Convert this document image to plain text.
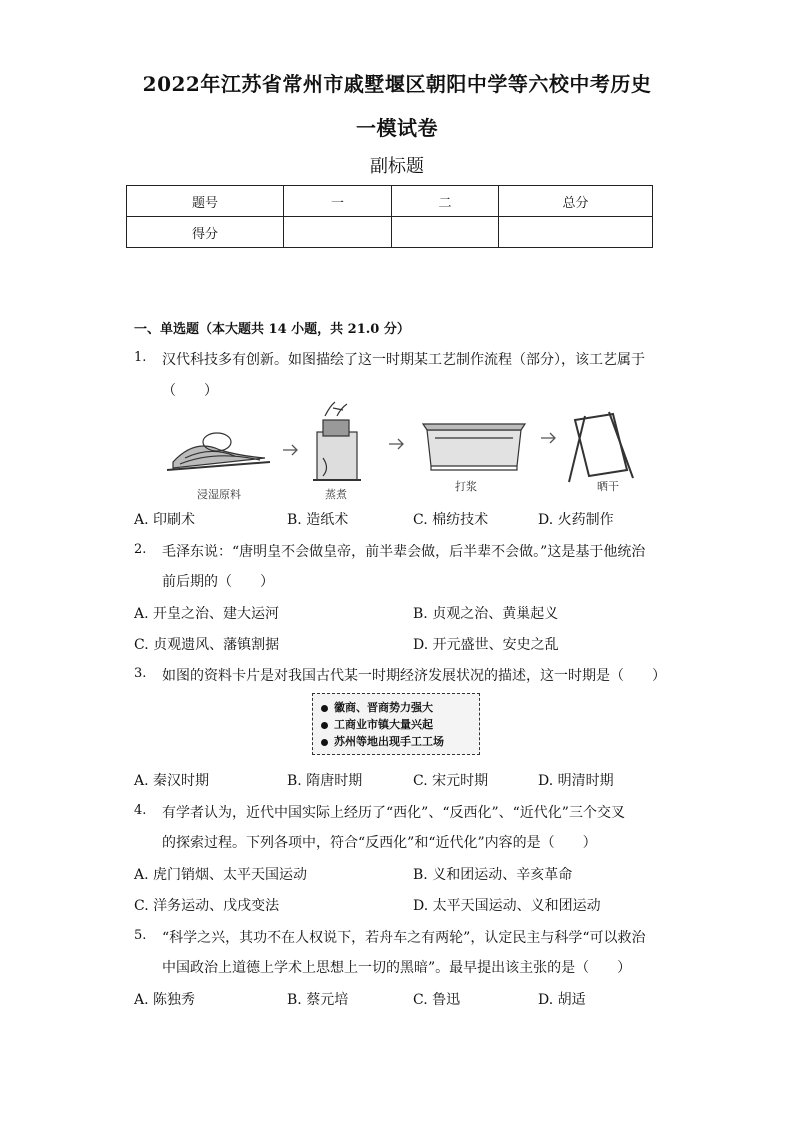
2022年江苏省常州市戚墅堰区朝阳中学等六校中考历史
一模试卷
副标题
题号	一	二	总分
得分			
一、单选题（本大题共 14 小题，共 21.0 分）
1. 汉代科技多有创新。如图描绘了这一时期某工艺制作流程（部分），该工艺属于
（　　）
浸湿原料	蒸煮
打浆	晒干
A. 印刷术	B. 造纸术	C. 棉纺技术	D. 火药制作
2. 毛泽东说：“唐明皇不会做皇帝，前半辈会做，后半辈不会做。”这是基于他统治
前后期的（　　）
A. 开皇之治、建大运河	B. 贞观之治、黄巢起义
C. 贞观遗风、藩镇割据	D. 开元盛世、安史之乱
3. 如图的资料卡片是对我国古代某一时期经济发展状况的描述，这一时期是（　　）
徽商、晋商势力强大
工商业市镇大量兴起
苏州等地出现手工工场
A. 秦汉时期	B. 隋唐时期	C. 宋元时期	D. 明清时期
4. 有学者认为，近代中国实际上经历了“西化”、“反西化”、“近代化”三个交叉
的探索过程。下列各项中，符合“反西化”和“近代化”内容的是（　　）
A. 虎门销烟、太平天国运动	B. 义和团运动、辛亥革命
C. 洋务运动、戊戌变法	D. 太平天国运动、义和团运动
5. “科学之兴，其功不在人权说下，若舟车之有两轮”，认定民主与科学“可以救治
中国政治上道德上学术上思想上一切的黑暗”。最早提出该主张的是（　　）
A. 陈独秀	B. 蔡元培	C. 鲁迅	D. 胡适
